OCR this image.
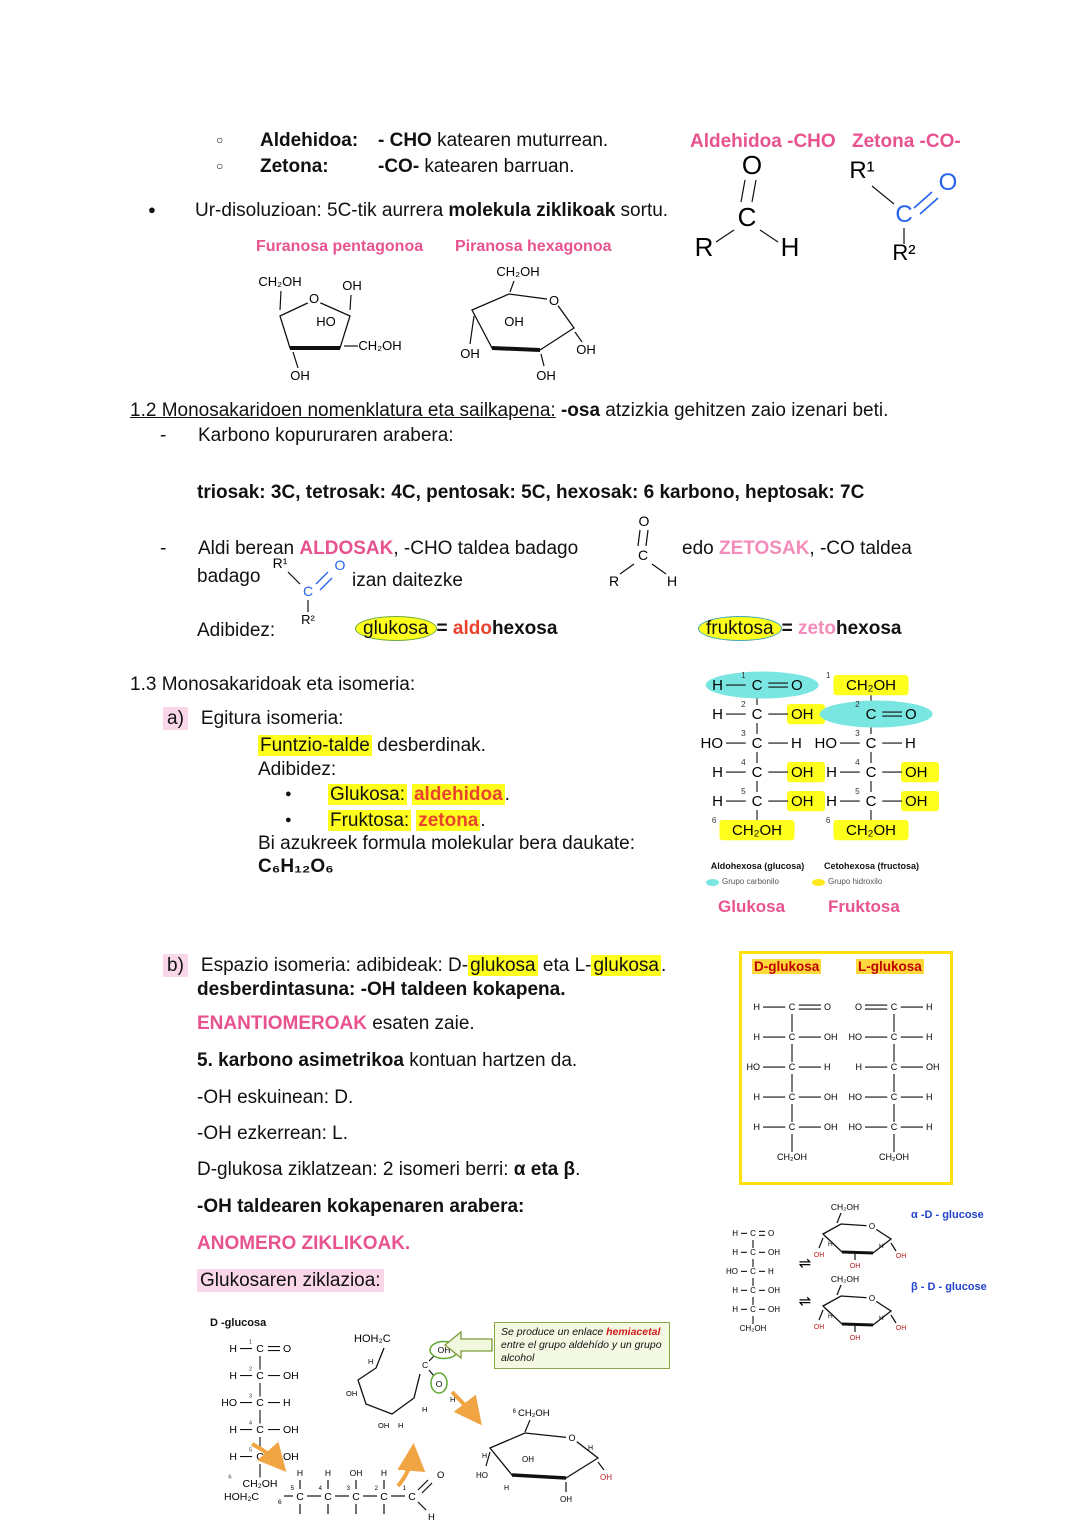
○ Aldehidoa: - CHO katearen muturrean.
○ Zetona:	-CO- katearen barruan.
Aldehidoa -CHO Zetona -CO-
O
C
R	H
R¹
C
O
R²
● Ur-disoluzioan: 5C-tik aurrera molekula ziklikoak sortu.
Furanosa pentagonoa Piranosa hexagonoa
O
CH₂OH	OH
HO
CH₂OH
OH
O
CH₂OH
OH
OH
OH
OH
1.2 Monosakaridoen nomenklatura eta sailkapena: -osa atzizkia gehitzen zaio izenari beti.
- Karbono kopururaren arabera:
triosak: 3C, tetrosak: 4C, pentosak: 5C, hexosak: 6 karbono, heptosak: 7C
- Aldi berean ALDOSAK, -CHO taldea badago
O
C
R	H
edo ZETOSAK, -CO taldea
badago
R¹
C
O
R²
izan daitezke
Adibidez:	glukosa = aldohexosa	fruktosa = zetohexosa
1.3 Monosakaridoak eta isomeria:
a) Egitura isomeria:
Funtzio-talde desberdinak.
Adibidez:
● Glukosa: aldehidoa .
● Fruktosa: zetona .
Bi azukreek formula molekular bera daukate:
C₆H₁₂O₆
C
H	O
1
C
H	OH
2
C
HO	H
3
C
H	OH
4
C
H	OH
5
CH₂OH
6
CH₂OH
1
C O
2
C
HO	H
3
C
H	OH
4
C
H	OH
5
CH₂OH
6
Aldohexosa (glucosa)	Cetohexosa (fructosa)
Grupo carbonilo	Grupo hidroxilo
Glukosa	Fruktosa
b) Espazio isomeria: adibideak: D- glukosa eta L- glukosa .
desberdintasuna: -OH taldeen kokapena.
ENANTIOMEROAK esaten zaie.
5. karbono asimetrikoa kontuan hartzen da.
-OH eskuinean: D.
-OH ezkerrean: L.
D-glukosa ziklatzean: 2 isomeri berri: α eta β.
-OH taldearen kokapenaren arabera:
ANOMERO ZIKLIKOAK.
Glukosaren ziklazioa:
D-glukosa	L-glukosa
C
H	O
C
H	OH
C
HO	H
C
H	OH
C
H	OH
CH₂OH
C
O	H
C
HO	H
C
H	OH
C
HO	H
C
HO	H
CH₂OH
C
H	O
C
H	OH
C
HO	H
C
H	OH
C
H	OH
CH₂OH
⇌
⇌
CH₂OH
O
H	H
OH
OH
OH
α -D - glucose
CH₂OH
O
H	H
OH
OH
OH
β - D - glucose
D -glucosa
C
H	O
1
C
H	OH
2
C
HO	H
3
C
H	OH
4
C
H	OH
5
CH₂OH
6
HOH₂C
H
OH
OH H
H
C
OH
O
H
Se produce un enlace hemiacetal entre el grupo aldehído y un grupo alcohol
6 CH₂OH
O
OH
H
HO
OH
OH
H
H
HOH₂C	6 C C C C C
5	4	3	2	1
H	H OH H	O
H
